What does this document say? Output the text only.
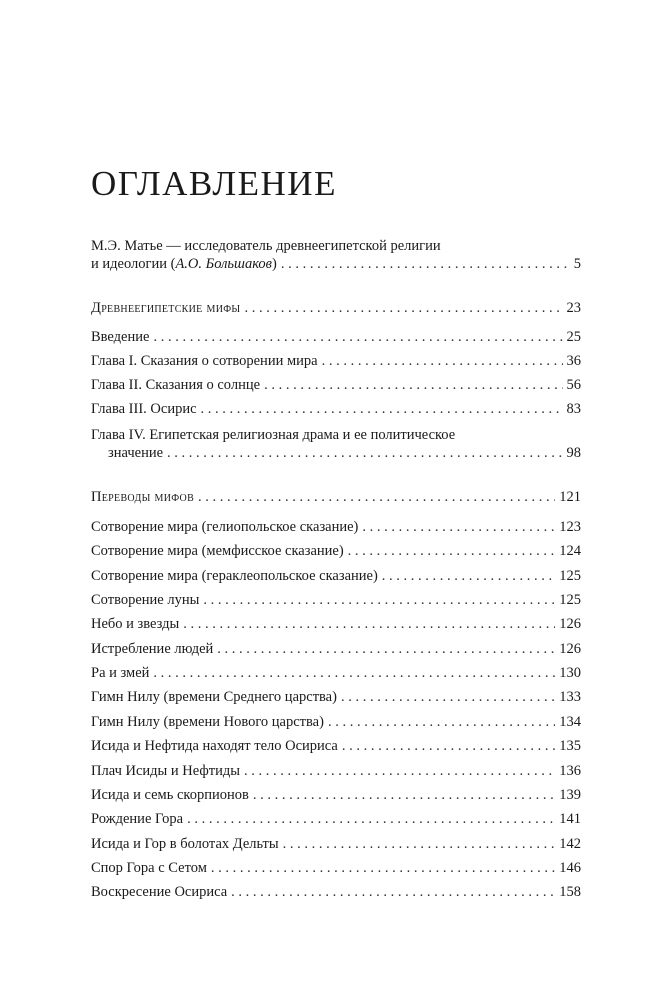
ОГЛАВЛЕНИЕ
М.Э. Матье — исследователь древнеегипетской религии
и идеологии (А.О. Большаков) . . .	5
Древнеегипетские мифы . . .	23
Введение . . .	25
Глава I. Сказания о сотворении мира . . .	36
Глава II. Сказания о солнце . . .	56
Глава III. Осирис . . .	83
Глава IV. Египетская религиозная драма и ее политическое
значение . . .	98
Переводы мифов . . .	121
Сотворение мира (гелиопольское сказание) . . .	123
Сотворение мира (мемфисское сказание) . . .	124
Сотворение мира (гераклеопольское сказание) . . .	125
Сотворение луны . . .	125
Небо и звезды . . .	126
Истребление людей . . .	126
Ра и змей . . .	130
Гимн Нилу (времени Среднего царства) . . .	133
Гимн Нилу (времени Нового царства) . . .	134
Исида и Нефтида находят тело Осириса . . .	135
Плач Исиды и Нефтиды . . .	136
Исида и семь скорпионов . . .	139
Рождение Гора . . .	141
Исида и Гор в болотах Дельты . . .	142
Спор Гора с Сетом . . .	146
Воскресение Осириса . . .	158
